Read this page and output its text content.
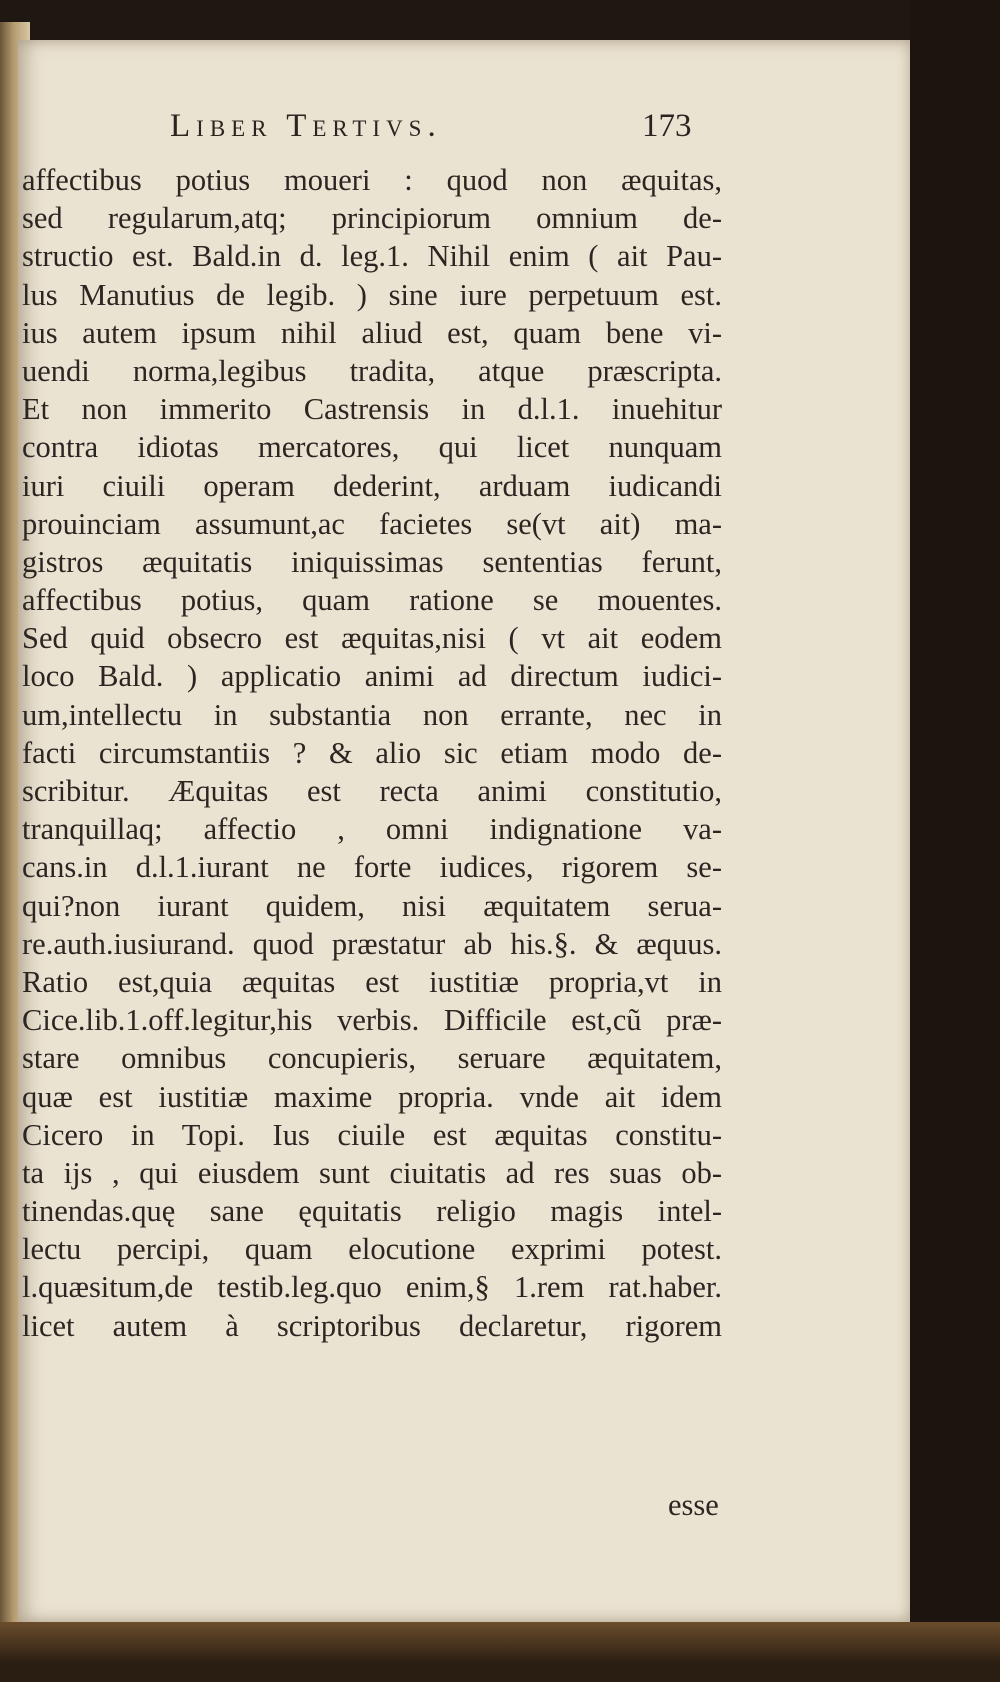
Liber Tertivs.	173
affectibus potius moueri : quod non æquitas,
sed regularum,atq; principiorum omnium de-
structio est. Bald.in d. leg.1. Nihil enim ( ait Pau-
lus Manutius de legib. ) sine iure perpetuum est.
ius autem ipsum nihil aliud est, quam bene vi-
uendi norma,legibus tradita, atque præscripta.
Et non immerito Castrensis in d.l.1. inuehitur
contra idiotas mercatores, qui licet nunquam
iuri ciuili operam dederint, arduam iudicandi
prouinciam assumunt,ac facietes se(vt ait) ma-
gistros æquitatis iniquissimas sententias ferunt,
affectibus potius, quam ratione se mouentes.
Sed quid obsecro est æquitas,nisi ( vt ait eodem
loco Bald. ) applicatio animi ad directum iudici-
um,intellectu in substantia non errante, nec in
facti circumstantiis ? & alio sic etiam modo de-
scribitur. Æquitas est recta animi constitutio,
tranquillaq; affectio , omni indignatione va-
cans.in d.l.1.iurant ne forte iudices, rigorem se-
qui?non iurant quidem, nisi æquitatem serua-
re.auth.iusiurand. quod præstatur ab his.§. & æquus.
Ratio est,quia æquitas est iustitiæ propria,vt in
Cice.lib.1.off.legitur,his verbis. Difficile est,cũ præ-
stare omnibus concupieris, seruare æquitatem,
quæ est iustitiæ maxime propria. vnde ait idem
Cicero in Topi. Ius ciuile est æquitas constitu-
ta ijs , qui eiusdem sunt ciuitatis ad res suas ob-
tinendas.quę sane ęquitatis religio magis intel-
lectu percipi, quam elocutione exprimi potest.
l.quæsitum,de testib.leg.quo enim,§ 1.rem rat.haber.
licet autem à scriptoribus declaretur, rigorem
esse
